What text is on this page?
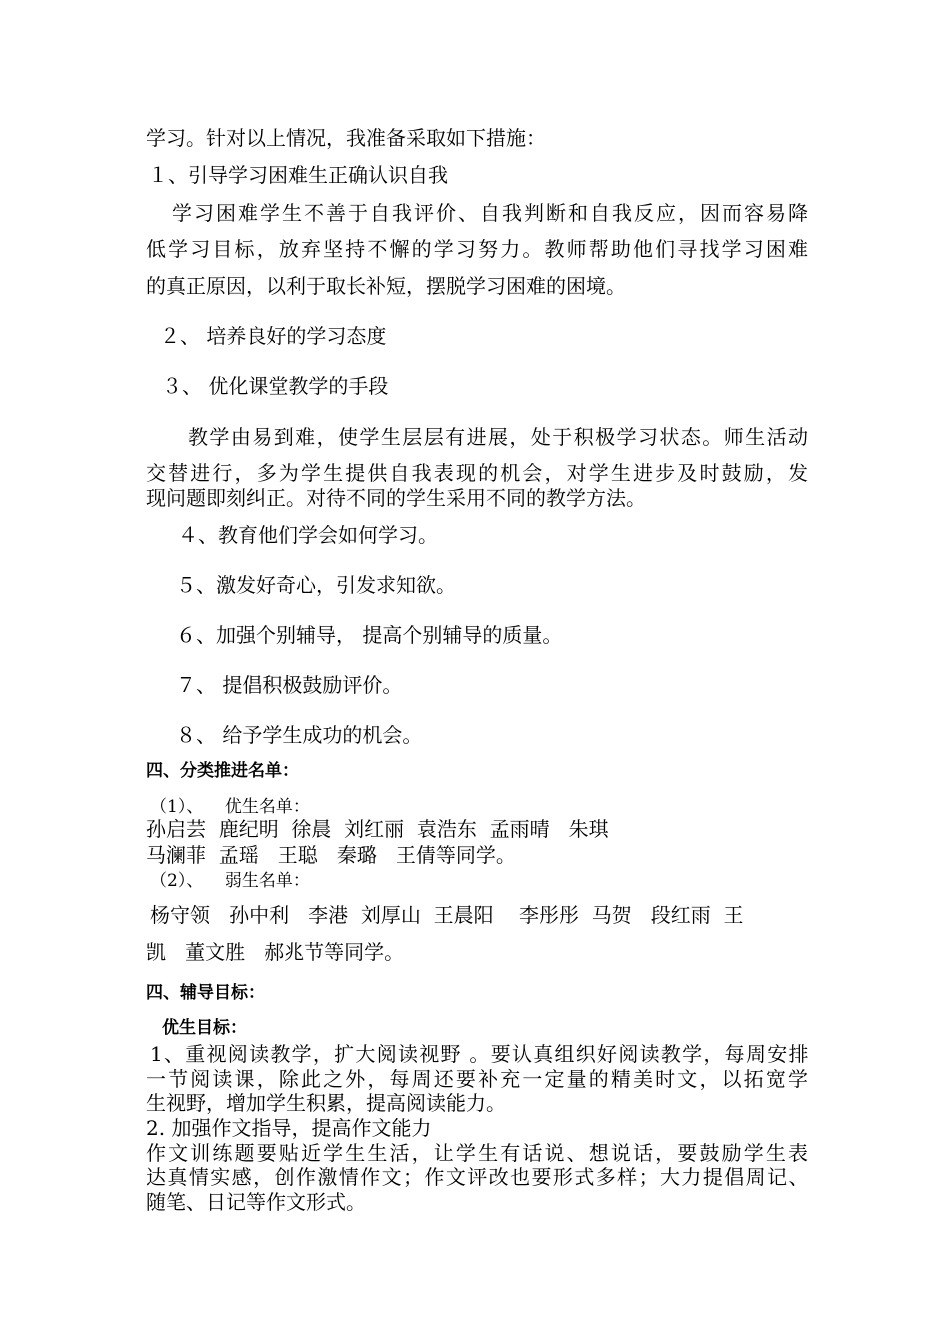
学习。针对以上情况，我准备采取如下措施：
１、引导学习困难生正确认识自我
学习困难学生不善于自我评价、自我判断和自我反应，因而容易降
低学习目标，放弃坚持不懈的学习努力。教师帮助他们寻找学习困难
的真正原因，以利于取长补短，摆脱学习困难的困境。
２、 培养良好的学习态度
３、 优化课堂教学的手段
教学由易到难，使学生层层有进展，处于积极学习状态。师生活动
交替进行，多为学生提供自我表现的机会，对学生进步及时鼓励，发
现问题即刻纠正。对待不同的学生采用不同的教学方法。
４、教育他们学会如何学习。
５、激发好奇心，引发求知欲。
６、加强个别辅导， 提高个别辅导的质量。
７、 提倡积极鼓励评价。
８、 给予学生成功的机会。
四、分类推进名单：
（1）、    优生名单：
孙启芸  鹿纪明  徐晨  刘红丽  袁浩东  孟雨晴   朱琪
马澜菲  孟瑶   王聪   秦璐   王倩等同学。
（2）、    弱生名单：
杨守领   孙中利   李港  刘厚山  王晨阳    李彤彤  马贺   段红雨  王
凯   董文胜   郝兆节等同学。
四、辅导目标：
优生目标：
1、重视阅读教学，扩大阅读视野 。要认真组织好阅读教学，每周安排
一节阅读课，除此之外，每周还要补充一定量的精美时文，以拓宽学
生视野，增加学生积累，提高阅读能力。
2. 加强作文指导，提高作文能力
作文训练题要贴近学生生活，让学生有话说、想说话，要鼓励学生表
达真情实感，创作激情作文；作文评改也要形式多样；大力提倡周记、
随笔、日记等作文形式。
